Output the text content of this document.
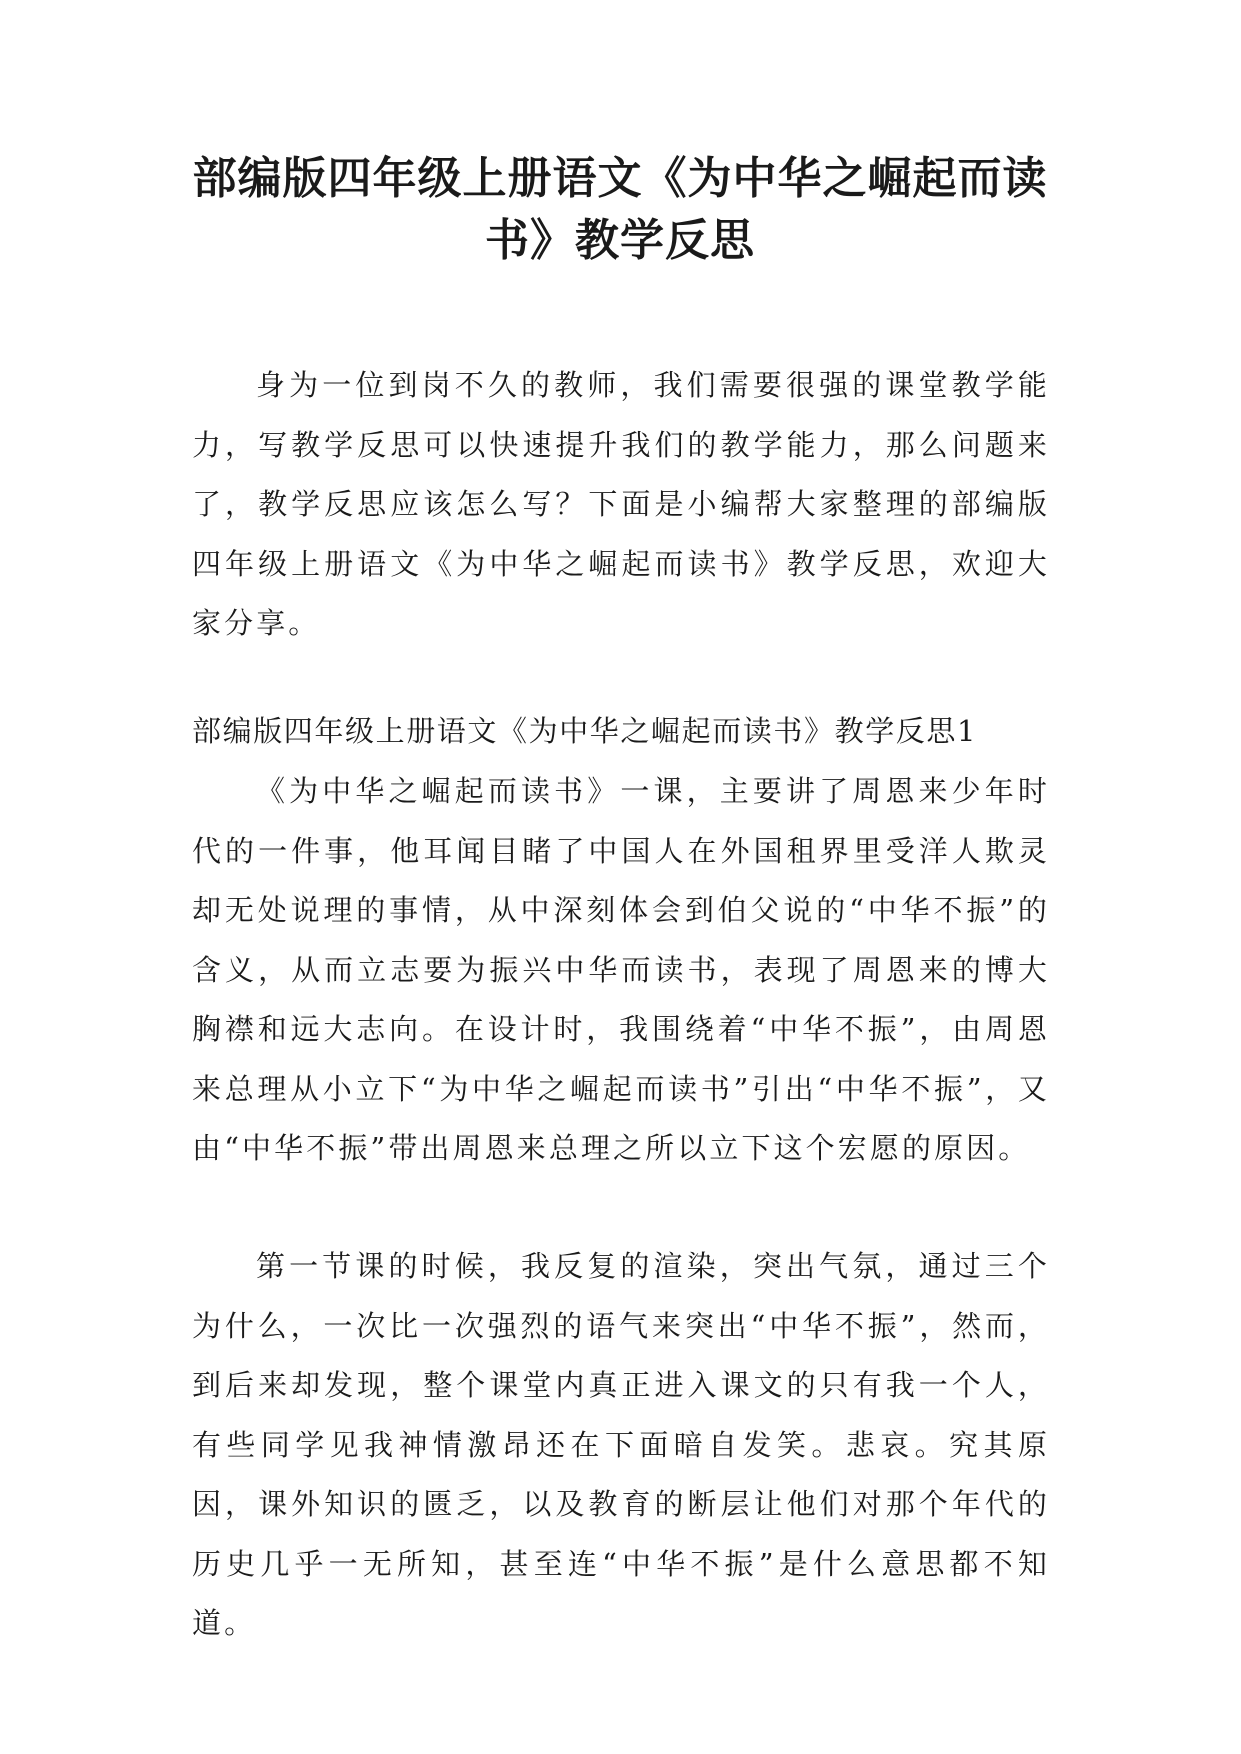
部编版四年级上册语文《为中华之崛起而读书》教学反思

身为一位到岗不久的教师，我们需要很强的课堂教学能力，写教学反思可以快速提升我们的教学能力，那么问题来了，教学反思应该怎么写？下面是小编帮大家整理的部编版四年级上册语文《为中华之崛起而读书》教学反思，欢迎大家分享。

部编版四年级上册语文《为中华之崛起而读书》教学反思1

《为中华之崛起而读书》一课，主要讲了周恩来少年时代的一件事，他耳闻目睹了中国人在外国租界里受洋人欺灵却无处说理的事情，从中深刻体会到伯父说的“中华不振”的含义，从而立志要为振兴中华而读书，表现了周恩来的博大胸襟和远大志向。在设计时，我围绕着“中华不振”，由周恩来总理从小立下“为中华之崛起而读书”引出“中华不振”，又由“中华不振”带出周恩来总理之所以立下这个宏愿的原因。

第一节课的时候，我反复的渲染，突出气氛，通过三个为什么，一次比一次强烈的语气来突出“中华不振”，然而，到后来却发现，整个课堂内真正进入课文的只有我一个人，有些同学见我神情激昂还在下面暗自发笑。悲哀。究其原因，课外知识的匮乏，以及教育的断层让他们对那个年代的历史几乎一无所知，甚至连“中华不振”是什么意思都不知道。
